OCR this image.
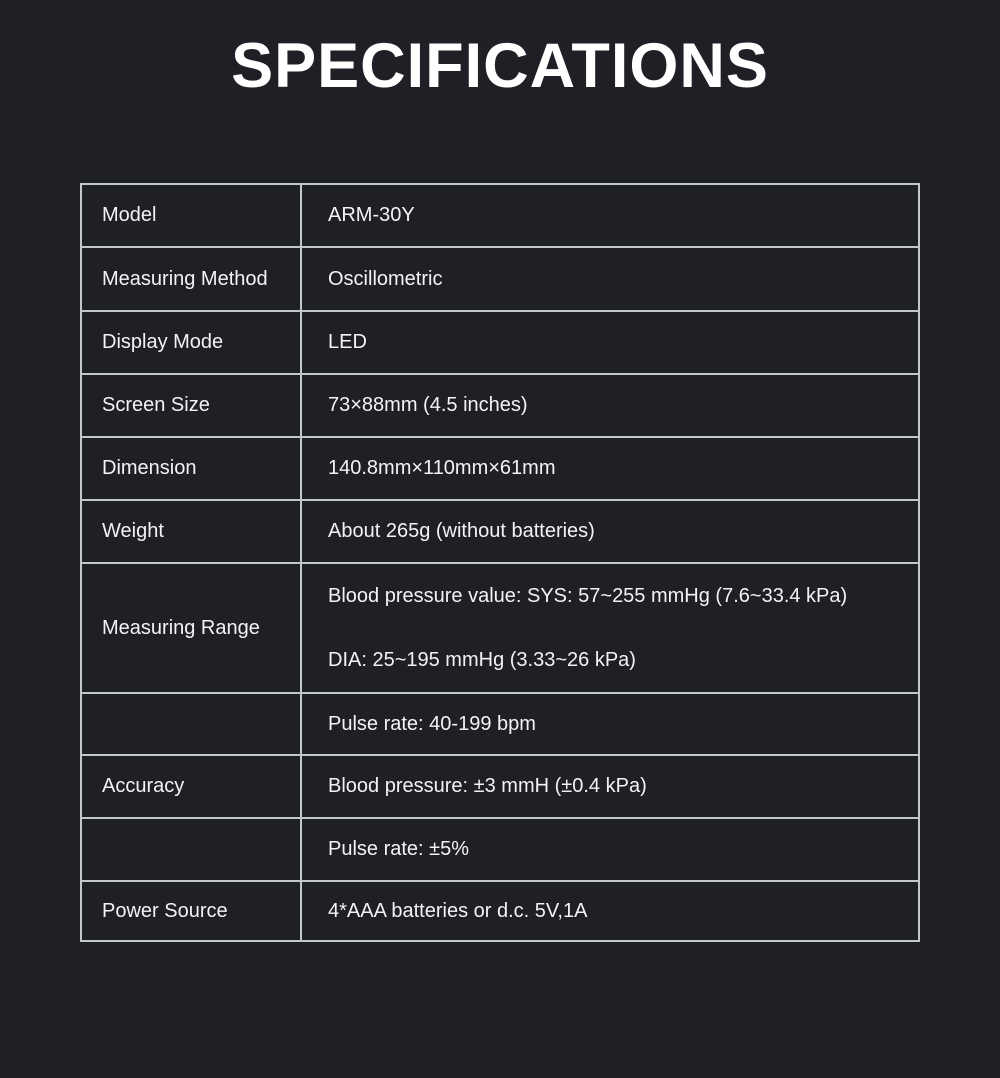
SPECIFICATIONS
Model	ARM-30Y
Measuring Method	Oscillometric
Display Mode	LED
Screen Size	73×88mm (4.5 inches)
Dimension	140.8mm×110mm×61mm
Weight	About 265g (without batteries)
Measuring Range	Blood pressure value: SYS: 57~255 mmHg (7.6~33.4 kPa)
DIA: 25~195 mmHg (3.33~26 kPa)

	Pulse rate: 40-199 bpm
Accuracy	Blood pressure: ±3 mmH (±0.4 kPa)
	Pulse rate: ±5%
Power Source	4*AAA batteries or d.c. 5V,1A
